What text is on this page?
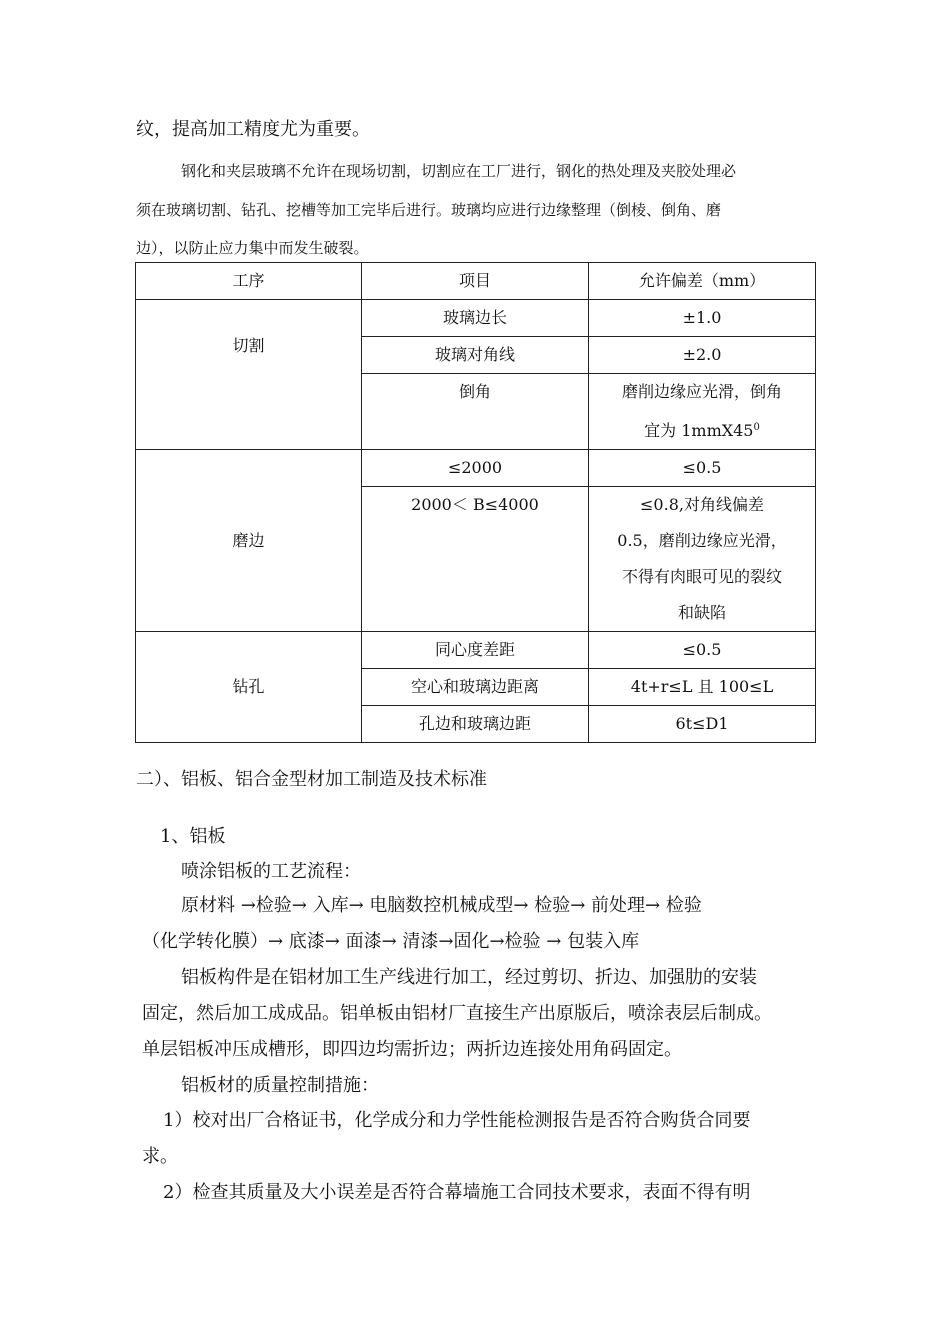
纹，提高加工精度尤为重要。
钢化和夹层玻璃不允许在现场切割，切割应在工厂进行，钢化的热处理及夹胶处理必
须在玻璃切割、钻孔、挖槽等加工完毕后进行。玻璃均应进行边缘整理（倒棱、倒角、磨
边），以防止应力集中而发生破裂。
工序	项目	允许偏差（mm）
切割	玻璃边长	±1.0
	玻璃对角线	±2.0
	倒角	磨削边缘应光滑，倒角
宜为 $1mmX45^0$

磨边	≤2000	≤0.5
	2000＜ B≤4000	≤0.8,对角线偏差
0.5，磨削边缘应光滑，
不得有肉眼可见的裂纹
和缺陷

钻孔	同心度差距	≤0.5
	空心和玻璃边距离	4t+r≤L 且 100≤L
	孔边和玻璃边距	6t≤D1
二）、铝板、铝合金型材加工制造及技术标准
1、铝板
喷涂铝板的工艺流程：
原材料 →检验→ 入库→ 电脑数控机械成型→ 检验→ 前处理→ 检验
（化学转化膜）→ 底漆→ 面漆→ 清漆→固化→检验 → 包装入库
铝板构件是在铝材加工生产线进行加工，经过剪切、折边、加强肋的安装
固定，然后加工成成品。铝单板由铝材厂直接生产出原版后，喷涂表层后制成。
单层铝板冲压成槽形，即四边均需折边；两折边连接处用角码固定。
铝板材的质量控制措施：
1）校对出厂合格证书，化学成分和力学性能检测报告是否符合购货合同要
求。
2）检查其质量及大小误差是否符合幕墙施工合同技术要求，表面不得有明
